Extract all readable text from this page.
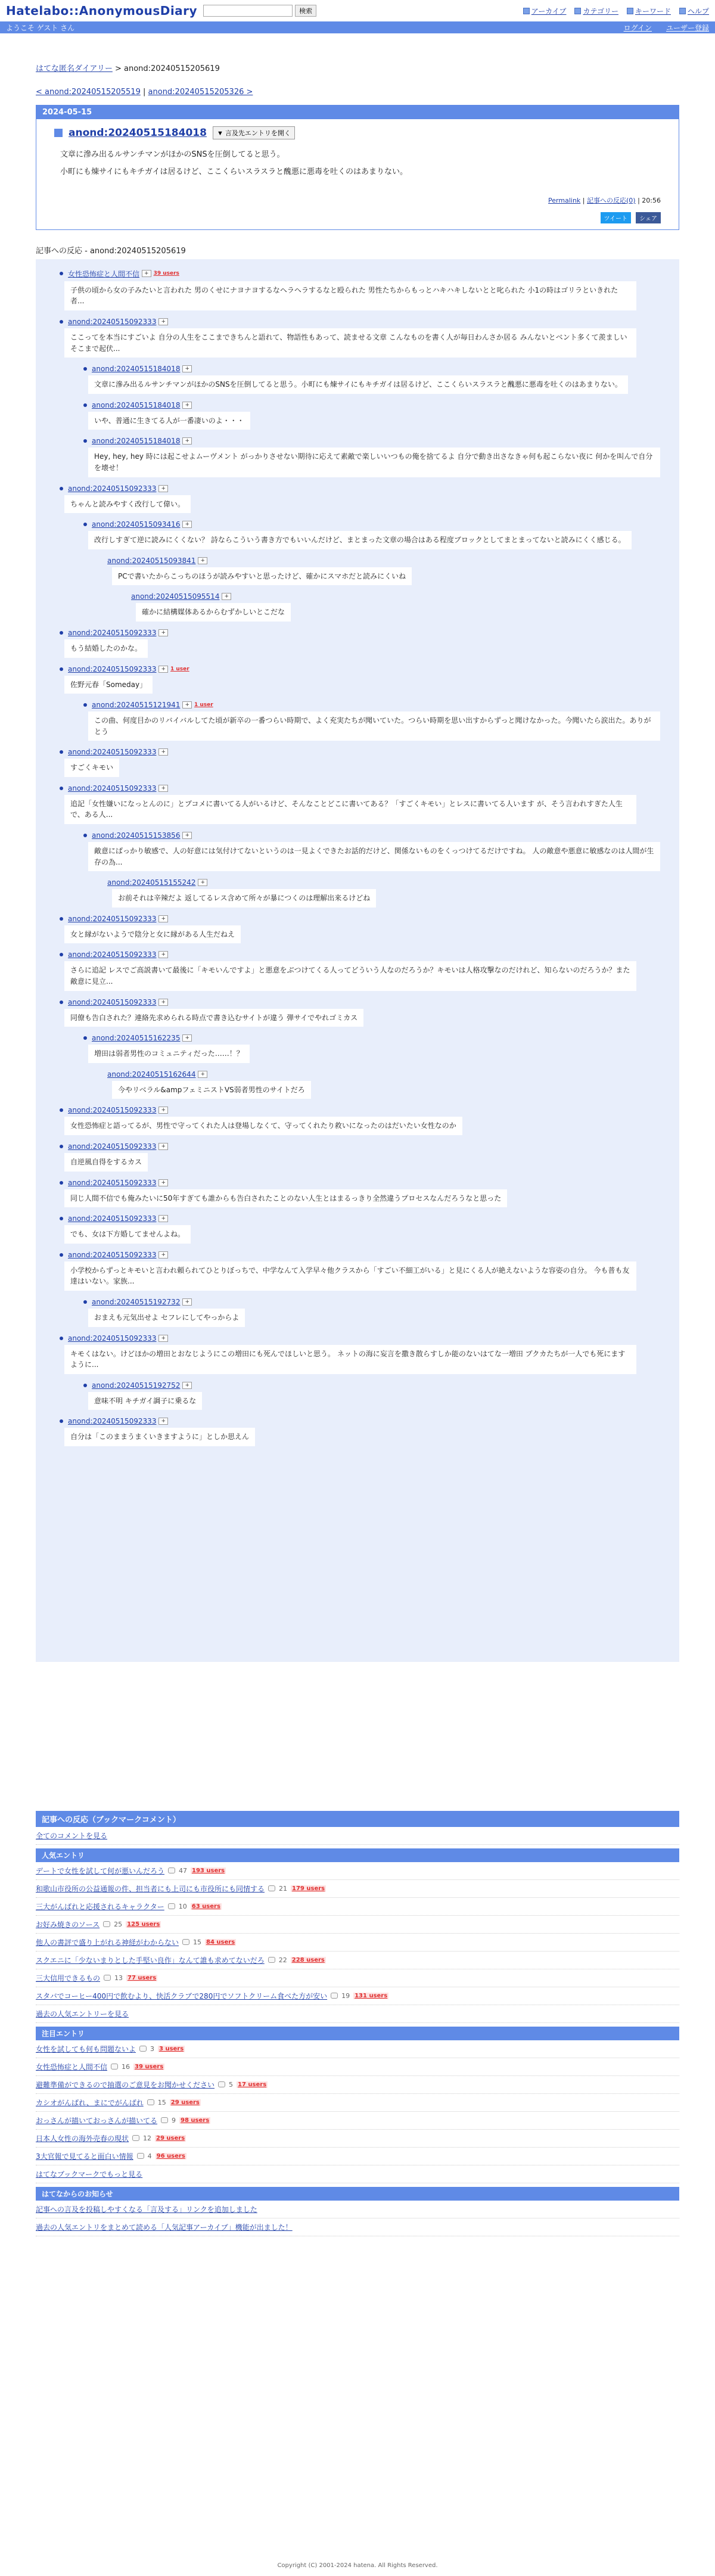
Hatelabo::AnonymousDiary	検索	アーカイブ カテゴリー キーワード ヘルプ
ようこそ ゲスト さん	ログイン ユーザー登録
はてな匿名ダイアリー > anond:20240515205619
< anond:20240515205519 | anond:20240515205326 >
2024-05-15
anond:20240515184018	▼ 言及先エントリを開く

文章に滲み出るルサンチマンがほかのSNSを圧倒してると思う。

小町にも煉サイにもキチガイは居るけど、ここくらいスラスラと醜悪に悪毒を吐くのはあまりない。

Permalink | 記事への反応(0) | 20:56
ツイート シェア
記事への反応 - anond:20240515205619
女性恐怖症と人間不信 + 39 users
子供の頃から女の子みたいと言われた 男のくせにナヨナヨするなヘラヘラするなと殴られた 男性たちからもっとハキハキしないとと叱られた 小1の時はゴリラといきれた者...
anond:20240515092333 +
ここってを本当にすごいよ 自分の人生をここまできちんと語れて、物語性もあって、読ませる文章 こんなものを書く人が毎日わんさか居る みんないとベント多くて羨ましい そこまで起伏...
anond:20240515184018 +
文章に滲み出るルサンチマンがほかのSNSを圧倒してると思う。小町にも煉サイにもキチガイは居るけど、ここくらいスラスラと醜悪に悪毒を吐くのはあまりない。
anond:20240515184018 +
いや、普通に生きてる人が一番凄いのよ・・・
anond:20240515184018 +
Hey, hey, hey 時には起こせよムーヴメント がっかりさせない期待に応えて素敵で楽しいいつもの俺を捨てるよ 自分で動き出さなきゃ何も起こらない夜に 何かを叫んで自分を壊せ！
anond:20240515092333 +
ちゃんと読みやすく改行して偉い。
anond:20240515093416 +
改行しすぎて逆に読みにくくない？ 詩ならこういう書き方でもいいんだけど、まとまった文章の場合はある程度ブロックとしてまとまってないと読みにくく感じる。
anond:20240515093841 +
PCで書いたからこっちのほうが読みやすいと思ったけど、確かにスマホだと読みにくいね
anond:20240515095514 +
確かに結構媒体あるからむずかしいとこだな
anond:20240515092333 +
もう結婚したのかな。
anond:20240515092333 + 1 user
佐野元春「Someday」
anond:20240515121941 + 1 user
この曲、何度目かのリバイバルしてた頃が新卒の一番つらい時期で、よく充実たちが聞いていた。つらい時期を思い出すからずっと聞けなかった。今聞いたら涙出た。ありがとう
anond:20240515092333 +
すごくキモい
anond:20240515092333 +
追記「女性嫌いになっとんのに」とプコメに書いてる人がいるけど、そんなことどこに書いてある？「すごくキモい」とレスに書いてる人います が、そう言われすぎた人生で、ある人...
anond:20240515153856 +
敵意にばっかり敏感で、人の好意には気付けてないというのは一見よくできたお話的だけど、関係ないものをくっつけてるだけですね。 人の敵意や悪意に敏感なのは人間が生存の為...
anond:20240515155242 +
お前それは辛辣だよ 返してるレス含めて所々が暴につくのは理解出来るけどね
anond:20240515092333 +
女と縁がないようで陰分と女に縁がある人生だねえ
anond:20240515092333 +
さらに追記 レスでご高説書いて最後に「キモいんですよ」と悪意をぶつけてくる人ってどういう人なのだろうか？キモいは人格攻撃なのだけれど、知らないのだろうか？また敵意に見立...
anond:20240515092333 +
同僚も告白された？連絡先求められる時点で書き込むサイトが違う 弾サイでやれゴミカス
anond:20240515162235 +
増田は弱者男性のコミュニティだった……！？
anond:20240515162644 +
今やリベラル&ampフェミニストVS弱者男性のサイトだろ
anond:20240515092333 +
女性恐怖症と語ってるが、男性で守ってくれた人は登場しなくて、守ってくれたり救いになったのはだいたい女性なのか
anond:20240515092333 +
自逆風自得をするカス
anond:20240515092333 +
同じ人間不信でも俺みたいに50年すぎても誰からも告白されたことのない人生とはまるっきり全然違うプロセスなんだろうなと思った
anond:20240515092333 +
でも、女は下方婚してませんよね。
anond:20240515092333 +
小学校からずっとキモいと言われ頼られてひとりぼっちで、中学なんて入学早々他クラスから「すごい不細工がいる」と見にくる人が絶えないような容姿の自分。 今も普も友達はいない。家族...
anond:20240515192732 +
おまえも元気出せよ セフレにしてやっからよ
anond:20240515092333 +
キモくはない。けどほかの増田とおなじようにこの増田にも死んでほしいと思う。 ネットの海に妄言を撒き散らすしか能のないはてな一増田 プクカたちが一人でも死にますように...
anond:20240515192752 +
意味不明 キチガイ調子に乗るな
anond:20240515092333 +
自分は「このままうまくいきますように」としか思えん
記事への反応（ブックマークコメント）
全てのコメントを見る
人気エントリ
デートで女性を試して何が悪いんだろう 47 193 users
和歌山市役所の公益通報の件、担当者にも上司にも市役所にも同情する 21 179 users
三大がんばれと応援されるキャラクター 10 63 users
お好み焼きのソース 25 125 users
他人の書評で盛り上がれる神経がわからない 15 84 users
スクエニに「少ないまりとした手堅い良作」なんて誰も求めてないだろ 22 228 users
三大信用できるもの 13 77 users
スタバでコーヒー400円で飲むより、快活クラブで280円でソフトクリーム食べた方が安い 19 131 users
過去の人気エントリーを見る
注目エントリ
女性を試しても何も問題ないよ 3 3 users
女性恐怖症と人間不信 16 39 users
避難準備ができるので抽選のご意見をお聞かせください 5 17 users
カシオがんばれ、まにでがんばれ 15 29 users
おっさんが描いておっさんが描いてる 9 98 users
日本人女性の海外売春の現状 12 29 users
3大官報で見てると面白い情報 4 96 users
はてなブックマークでもっと見る
はてなからのお知らせ
記事への言及を投稿しやすくなる「言及する」リンクを追加しました
過去の人気エントリをまとめて読める「人気記事アーカイブ」機能が出ました！
Copyright (C) 2001-2024 hatena. All Rights Reserved.
